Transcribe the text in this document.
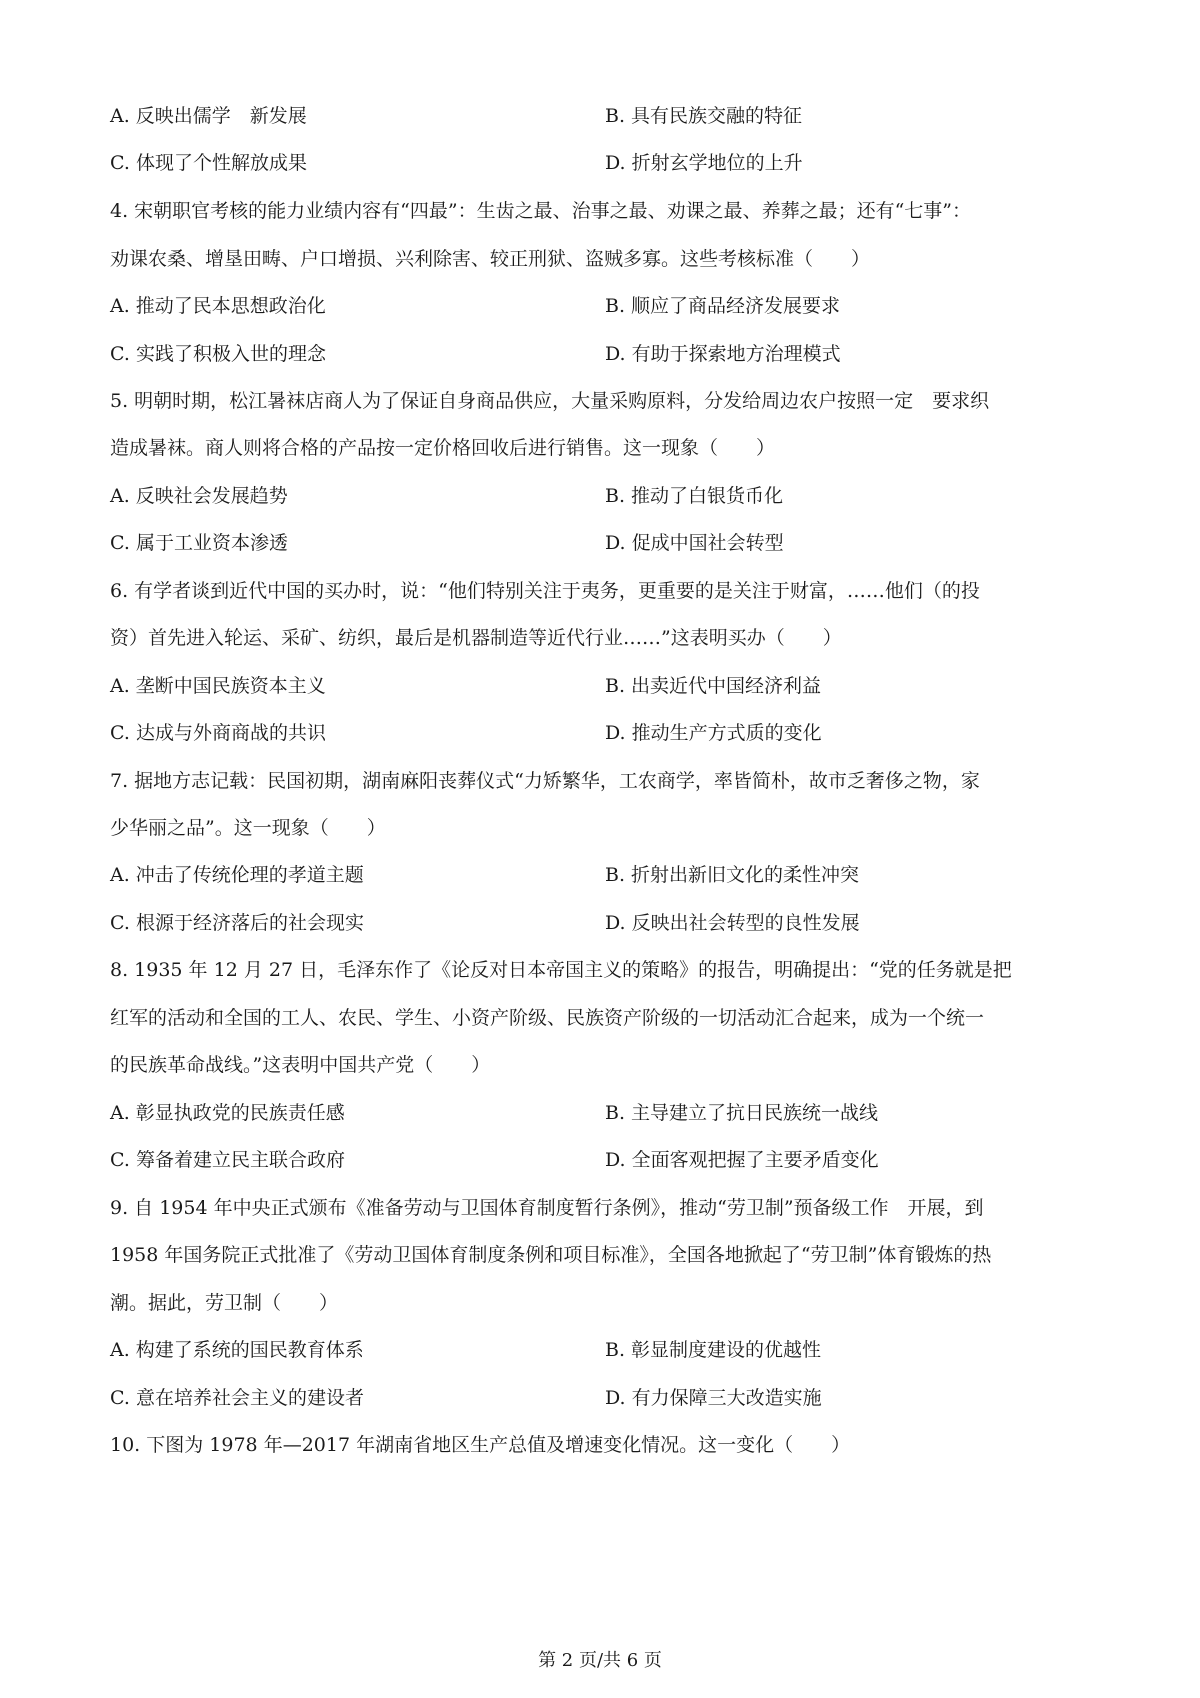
A. 反映出儒学　新发展	B. 具有民族交融的特征
C. 体现了个性解放成果	D. 折射玄学地位的上升
4. 宋朝职官考核的能力业绩内容有“四最”：生齿之最、治事之最、劝课之最、养葬之最；还有“七事”：
劝课农桑、增垦田畴、户口增损、兴利除害、较正刑狱、盗贼多寡。这些考核标准（　　）
A. 推动了民本思想政治化	B. 顺应了商品经济发展要求
C. 实践了积极入世的理念	D. 有助于探索地方治理模式
5. 明朝时期，松江暑袜店商人为了保证自身商品供应，大量采购原料，分发给周边农户按照一定　要求织
造成暑袜。商人则将合格的产品按一定价格回收后进行销售。这一现象（　　）
A. 反映社会发展趋势	B. 推动了白银货币化
C. 属于工业资本渗透	D. 促成中国社会转型
6. 有学者谈到近代中国的买办时，说：“他们特别关注于夷务，更重要的是关注于财富，……他们（的投
资）首先进入轮运、采矿、纺织，最后是机器制造等近代行业……”这表明买办（　　）
A. 垄断中国民族资本主义	B. 出卖近代中国经济利益
C. 达成与外商商战的共识	D. 推动生产方式质的变化
7. 据地方志记载：民国初期，湖南麻阳丧葬仪式“力矫繁华，工农商学，率皆简朴，故市乏奢侈之物，家
少华丽之品”。这一现象（　　）
A. 冲击了传统伦理的孝道主题	B. 折射出新旧文化的柔性冲突
C. 根源于经济落后的社会现实	D. 反映出社会转型的良性发展
8. 1935 年 12 月 27 日，毛泽东作了《论反对日本帝国主义的策略》的报告，明确提出：“党的任务就是把
红军的活动和全国的工人、农民、学生、小资产阶级、民族资产阶级的一切活动汇合起来，成为一个统一
的民族革命战线。”这表明中国共产党（　　）
A. 彰显执政党的民族责任感	B. 主导建立了抗日民族统一战线
C. 筹备着建立民主联合政府	D. 全面客观把握了主要矛盾变化
9. 自 1954 年中央正式颁布《准备劳动与卫国体育制度暂行条例》，推动“劳卫制”预备级工作　开展，到
1958 年国务院正式批准了《劳动卫国体育制度条例和项目标准》，全国各地掀起了“劳卫制”体育锻炼的热
潮。据此，劳卫制（　　）
A. 构建了系统的国民教育体系	B. 彰显制度建设的优越性
C. 意在培养社会主义的建设者	D. 有力保障三大改造实施
10. 下图为 1978 年—2017 年湖南省地区生产总值及增速变化情况。这一变化（　　）
第 2 页/共 6 页
